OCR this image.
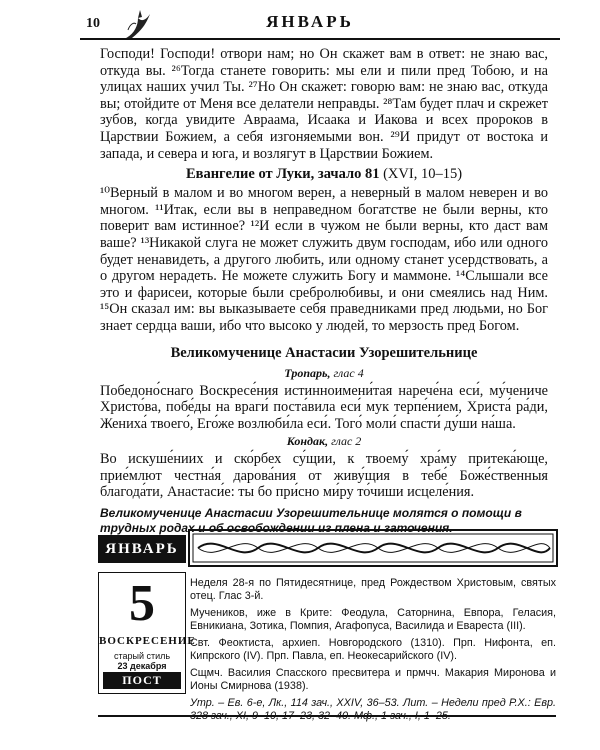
10	ЯНВАРЬ

Господи! Господи! отвори нам; но Он скажет вам в ответ: не знаю вас, откуда вы. ²⁶Тогда станете говорить: мы ели и пили пред Тобою, и на улицах наших учил Ты. ²⁷Но Он скажет: говорю вам: не знаю вас, откуда вы; отойдите от Меня все делатели неправды. ²⁸Там будет плач и скрежет зубов, когда увидите Авраама, Исаака и Иакова и всех пророков в Царствии Божием, а себя изгоняемыми вон. ²⁹И придут от востока и запада, и севера и юга, и возлягут в Царствии Божием.

Евангелие от Луки, зачало 81 (XVI, 10–15)

¹⁰Верный в малом и во многом верен, а неверный в малом неверен и во многом. ¹¹Итак, если вы в неправедном богатстве не были верны, кто поверит вам истинное? ¹²И если в чужом не были верны, кто даст вам ваше? ¹³Никакой слуга не может служить двум господам, ибо или одного будет ненавидеть, а другого любить, или одному станет усердствовать, а о другом нерадеть. Не можете служить Богу и маммоне. ¹⁴Слышали все это и фарисеи, которые были сребролюбивы, и они смеялись над Ним. ¹⁵Он сказал им: вы выказываете себя праведниками пред людьми, но Бог знает сердца ваши, ибо что высоко у людей, то мерзость пред Богом.

Великомученице Анастасии Узорешительнице
Тропарь, глас 4

Победоно́снаго Воскресе́ния истинноимени́тая нарече́на еси́, му́чениче Христо́ва, побе́ды на враги́ поста́вила еси́ мук терпе́нием, Христа́ ра́ди, Жениха́ твоего́, Его́же возлюби́ла еси́. Того́ моли́ спасти́ ду́ши на́ша.

Кондак, глас 2

Во искуше́ниих и ско́рбех су́щии, к твоему́ хра́му притека́юще, прие́млют честна́я дарова́ния от живу́щия в тебе́ Боже́ственныя благода́ти, Анастаси́е: ты бо при́сно ми́ру то́чиши исцеле́ния.

Великомученице Анастасии Узорешительнице молятся о помощи в трудных родах и об освобождении из плена и заточения.

ЯНВАРЬ
5
ВОСКРЕСЕНИЕ
старый стиль
23 декабря
ПОСТ

Неделя 28-я по Пятидесятнице, пред Рождеством Христовым, святых отец. Глас 3-й.

Мучеников, иже в Крите: Феодула, Саторнина, Евпора, Геласия, Евникиана, Зотика, Помпия, Агафопуса, Василида и Евареста (III).

Свт. Феоктиста, архиеп. Новгородского (1310). Прп. Нифонта, еп. Кипрского (IV). Прп. Павла, еп. Неокесарийского (IV).

Сщмч. Василия Спасского пресвитера и прмчч. Макария Мироновa и Ионы Смирнова (1938).

Утр. – Ев. 6-е, Лк., 114 зач., XXIV, 36–53. Лит. – Недели пред Р.Х.: Евр. 328 зач., XI, 9–10, 17–23, 32–40. Мф., 1 зач., I, 1–25.
